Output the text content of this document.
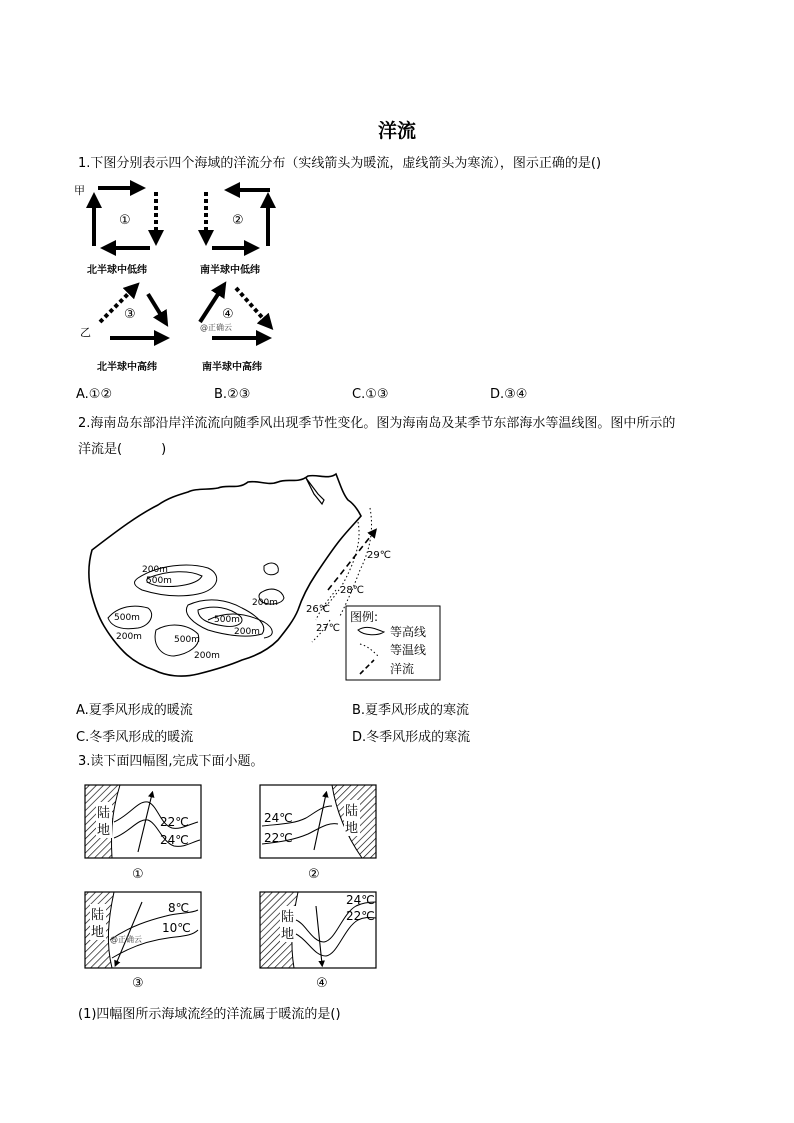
洋流
1.下图分别表示四个海域的洋流分布（实线箭头为暖流，虚线箭头为寒流），图示正确的是()
甲
①
北半球中低纬
②
南半球中低纬
乙
③
北半球中高纬
④
@正确云
南半球中高纬
A.①②	B.②③	C.①③	D.③④
2.海南岛东部沿岸洋流流向随季风出现季节性变化。图为海南岛及某季节东部海水等温线图。图中所示的
洋流是(　　　)
200m
500m
500m
200m
200m
500m
500m
200m
200m
29℃
28℃
26℃
27℃
图例:
等高线
等温线
洋流
A.夏季风形成的暖流	B.夏季风形成的寒流
C.冬季风形成的暖流	D.冬季风形成的寒流
3.读下面四幅图,完成下面小题。
陆
地
22℃
24℃
①
陆
地
24℃
22℃
②
陆
地
8℃
10℃
@正确云
③
陆
地
24℃
22℃
④
(1)四幅图所示海域流经的洋流属于暖流的是()
